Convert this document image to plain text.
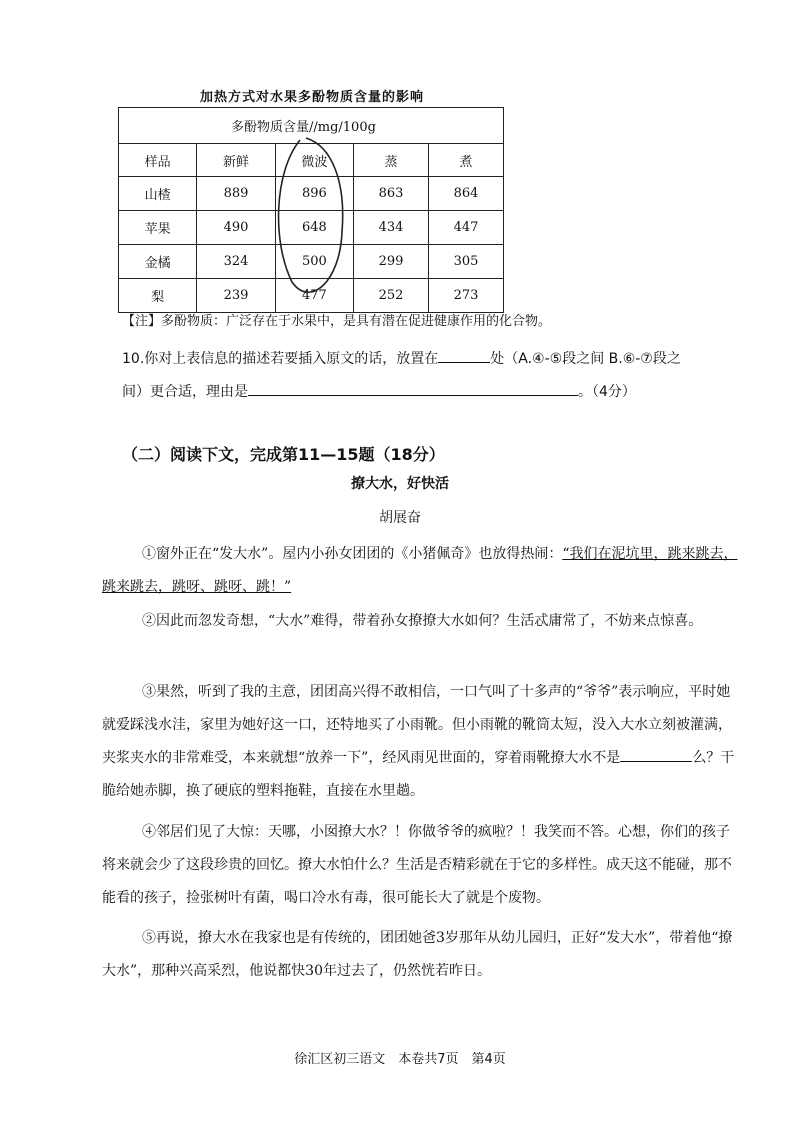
加热方式对水果多酚物质含量的影响
多酚物质含量//mg/100g				
样品	新鲜	微波	蒸	煮
山楂	889	896	863	864
苹果	490	648	434	447
金橘	324	500	299	305
梨	239	477	252	273
【注】多酚物质：广泛存在于水果中，是具有潜在促进健康作用的化合物。
10.你对上表信息的描述若要插入原文的话，放置在	处（A.④-⑤段之间 B.⑥-⑦段之
间）更合适，理由是	。（4分）
（二）阅读下文，完成第11—15题（18分）
撩大水，好快活
胡展奋

①窗外正在“发大水”。屋内小孙女团团的《小猪佩奇》也放得热闹：“我们在泥坑里，跳来跳去，跳来跳去，跳呀、跳呀、跳！”

②因此而忽发奇想，“大水”难得，带着孙女撩撩大水如何？生活忒庸常了，不妨来点惊喜。

③果然，听到了我的主意，团团高兴得不敢相信，一口气叫了十多声的“爷爷”表示响应，平时她就爱踩浅水洼，家里为她好这一口，还特地买了小雨靴。但小雨靴的靴筒太短，没入大水立刻被灌满，夹浆夹水的非常难受，本来就想“放养一下”，经风雨见世面的，穿着雨靴撩大水不是	么？干脆给她赤脚，换了硬底的塑料拖鞋，直接在水里趟。

④邻居们见了大惊：天哪，小囡撩大水？！你做爷爷的疯啦？！我笑而不答。心想，你们的孩子将来就会少了这段珍贵的回忆。撩大水怕什么？生活是否精彩就在于它的多样性。成天这不能碰，那不能看的孩子，捡张树叶有菌，喝口冷水有毒，很可能长大了就是个废物。

⑤再说，撩大水在我家也是有传统的，团团她爸3岁那年从幼儿园归，正好“发大水”，带着他“撩大水”，那种兴高采烈，他说都快30年过去了，仍然恍若昨日。

徐汇区初三语文　本卷共7页　第4页
